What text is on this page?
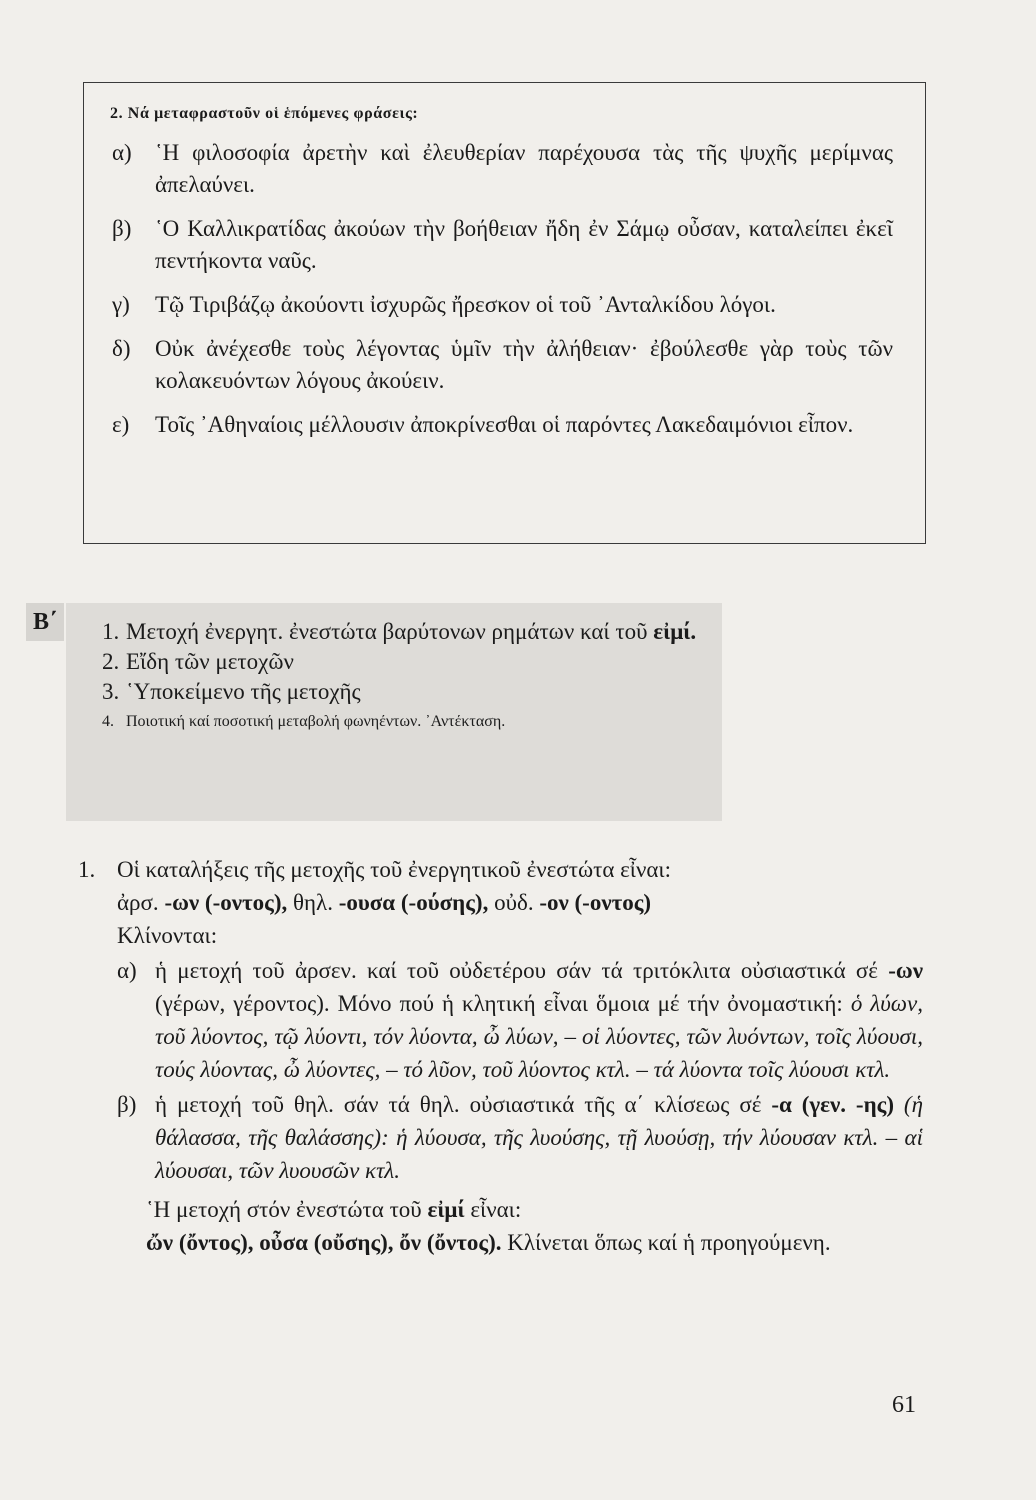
2. Νά μεταφραστοῦν οἱ ἑπόμενες φράσεις:
α)	῾Η φιλοσοφία ἀρετὴν καὶ ἐλευθερίαν παρέχουσα τὰς τῆς ψυχῆς μερίμνας ἀπελαύνει.
β)	῾Ο Καλλικρατίδας ἀκούων τὴν βοήθειαν ἤδη ἐν Σάμῳ οὖσαν, καταλείπει ἐκεῖ πεντήκοντα ναῦς.
γ)	Τῷ Τιριβάζῳ ἀκούοντι ἰσχυρῶς ἤρεσκον οἱ τοῦ ᾿Ανταλκίδου λόγοι.
δ)	Οὐκ ἀνέχεσθε τοὺς λέγοντας ὑμῖν τὴν ἀλήθειαν· ἐβούλεσθε γὰρ τοὺς τῶν κολακευόντων λόγους ἀκούειν.
ε)	Τοῖς ᾿Αθηναίοις μέλλουσιν ἀποκρίνεσθαι οἱ παρόντες Λακεδαιμόνιοι εἶπον.
Β΄	1. Μετοχή ἐνεργητ. ἐνεστώτα βαρύτονων ρημάτων καί τοῦ εἰμί.
2. Εἴδη τῶν μετοχῶν
3. ῾Υποκείμενο τῆς μετοχῆς
4. Ποιοτική καί ποσοτική μεταβολή φωνηέντων. ᾿Αντέκταση.
1. Οἱ καταλήξεις τῆς μετοχῆς τοῦ ἐνεργητικοῦ ἐνεστώτα εἶναι:
ἀρσ. -ων (-οντος), θηλ. -ουσα (-ούσης), οὐδ. -ον (-οντος)
Κλίνονται:
α) ἡ μετοχή τοῦ ἀρσεν. καί τοῦ οὐδετέρου σάν τά τριτόκλιτα οὐσιαστικά σέ -ων (γέρων, γέροντος). Μόνο πού ἡ κλητική εἶναι ὅμοια μέ τήν ὀνομαστική: ὁ λύων, τοῦ λύοντος, τῷ λύοντι, τόν λύοντα, ὦ λύων, – οἱ λύοντες, τῶν λυόντων, τοῖς λύουσι, τούς λύοντας, ὦ λύοντες, – τό λῦον, τοῦ λύοντος κτλ. – τά λύοντα τοῖς λύουσι κτλ.
β) ἡ μετοχή τοῦ θηλ. σάν τά θηλ. οὐσιαστικά τῆς α΄ κλίσεως σέ -α (γεν. -ης) (ἡ θάλασσα, τῆς θαλάσσης): ἡ λύουσα, τῆς λυούσης, τῇ λυούσῃ, τήν λύουσαν κτλ. – αἱ λύουσαι, τῶν λυουσῶν κτλ.
῾Η μετοχή στόν ἐνεστώτα τοῦ εἰμί εἶναι:
ὤν (ὄντος), οὖσα (οὔσης), ὄν (ὄντος). Κλίνεται ὅπως καί ἡ προηγούμενη.
61
